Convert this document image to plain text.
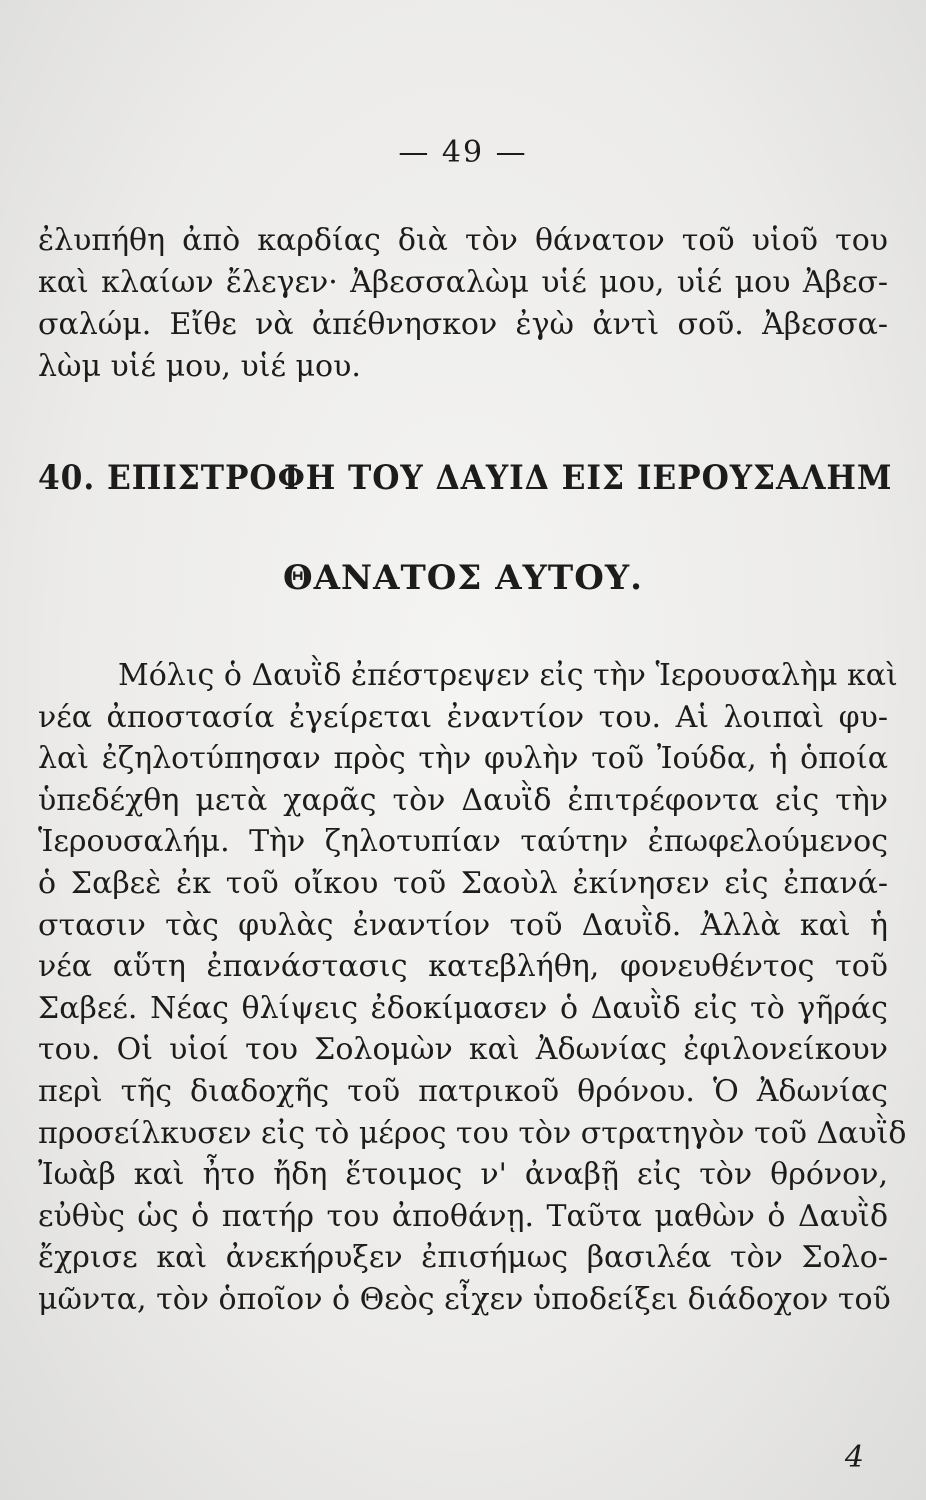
— 49 —
ἐλυπήθη ἀπὸ καρδίας διὰ τὸν θάνατον τοῦ υἱοῦ του
καὶ κλαίων ἔλεγεν· Ἀβεσσαλὼμ υἱέ μου, υἱέ μου Ἀβεσ-
σαλώμ. Εἴθε νὰ ἀπέθνησκον ἐγὼ ἀντὶ σοῦ. Ἀβεσσα-
λὼμ υἱέ μου, υἱέ μου.
40. ΕΠΙΣΤΡΟΦΗ ΤΟΥ ΔΑΥΙΔ ΕΙΣ ΙΕΡΟΥΣΑΛΗΜ
ΘΑΝΑΤΟΣ ΑΥΤΟΥ.
Μόλις ὁ Δαυῒδ ἐπέστρεψεν εἰς τὴν Ἱερουσαλὴμ καὶ
νέα ἀποστασία ἐγείρεται ἐναντίον του. Αἱ λοιπαὶ φυ-
λαὶ ἐζηλοτύπησαν πρὸς τὴν φυλὴν τοῦ Ἰούδα, ἡ ὁποία
ὑπεδέχθη μετὰ χαρᾶς τὸν Δαυῒδ ἐπιτρέφοντα εἰς τὴν
Ἱερουσαλήμ. Τὴν ζηλοτυπίαν ταύτην ἐπωφελούμενος
ὁ Σαβεὲ ἐκ τοῦ οἴκου τοῦ Σαοὺλ ἐκίνησεν εἰς ἐπανά-
στασιν τὰς φυλὰς ἐναντίον τοῦ Δαυῒδ. Ἀλλὰ καὶ ἡ
νέα αὕτη ἐπανάστασις κατεβλήθη, φονευθέντος τοῦ
Σαβεέ. Νέας θλίψεις ἐδοκίμασεν ὁ Δαυῒδ εἰς τὸ γῆράς
του. Οἱ υἱοί του Σολομὼν καὶ Ἀδωνίας ἐφιλονείκουν
περὶ τῆς διαδοχῆς τοῦ πατρικοῦ θρόνου. Ὁ Ἀδωνίας
προσείλκυσεν εἰς τὸ μέρος του τὸν στρατηγὸν τοῦ Δαυῒδ
Ἰωὰβ καὶ ἦτο ἤδη ἕτοιμος ν' ἀναβῇ εἰς τὸν θρόνον,
εὐθὺς ὡς ὁ πατήρ του ἀποθάνῃ. Ταῦτα μαθὼν ὁ Δαυῒδ
ἔχρισε καὶ ἀνεκήρυξεν ἐπισήμως βασιλέα τὸν Σολο-
μῶντα, τὸν ὁποῖον ὁ Θεὸς εἶχεν ὑποδείξει διάδοχον τοῦ
4
